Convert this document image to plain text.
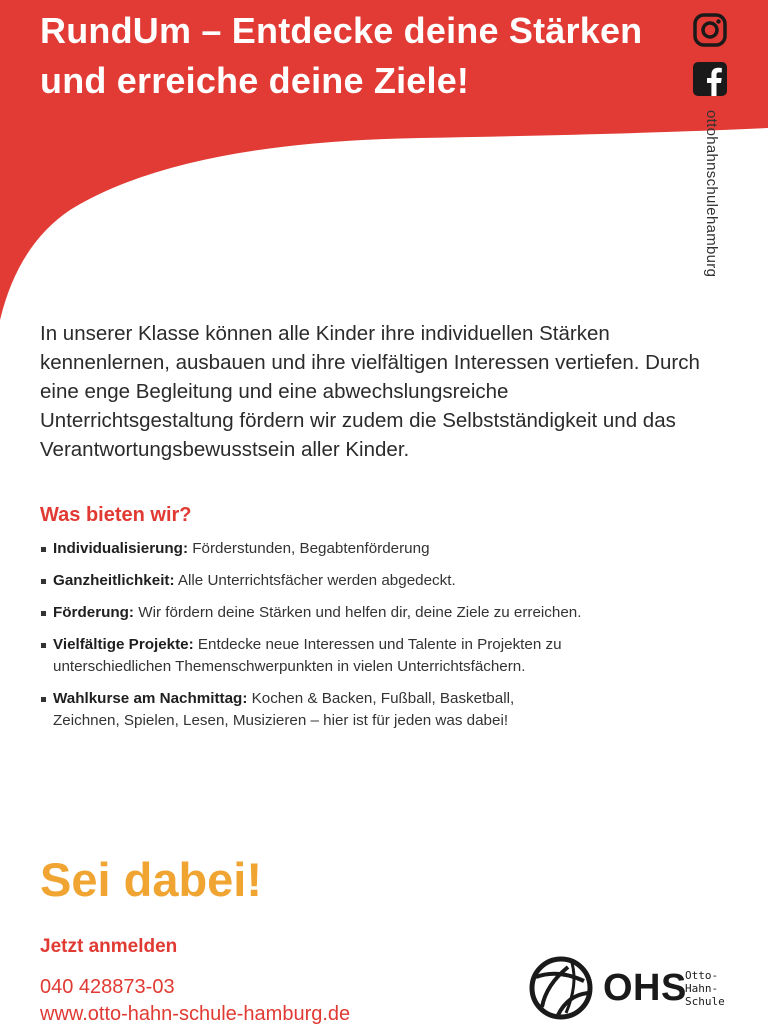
RundUm – Entdecke deine Stärken
und erreiche deine Ziele!
ottohahnschulehamburg

In unserer Klasse können alle Kinder ihre individuellen Stärken kennenlernen, ausbauen und ihre vielfältigen Interessen vertiefen. Durch eine enge Begleitung und eine abwechslungsreiche Unterrichtsgestaltung fördern wir zudem die Selbstständigkeit und das Verantwortungsbewusstsein aller Kinder.

Was bieten wir?
Individualisierung: Förderstunden, Begabtenförderung
Ganzheitlichkeit: Alle Unterrichtsfächer werden abgedeckt.
Förderung: Wir fördern deine Stärken und helfen dir, deine Ziele zu erreichen.
Vielfältige Projekte: Entdecke neue Interessen und Talente in Projekten zu unterschiedlichen Themenschwerpunkten in vielen Unterrichtsfächern.
Wahlkurse am Nachmittag: Kochen & Backen, Fußball, Basketball, Zeichnen, Spielen, Lesen, Musizieren – hier ist für jeden was dabei!
Sei dabei!

Jetzt anmelden

040 428873-03

www.otto-hahn-schule-hamburg.de

OHS
Otto-
Hahn-
Schule
